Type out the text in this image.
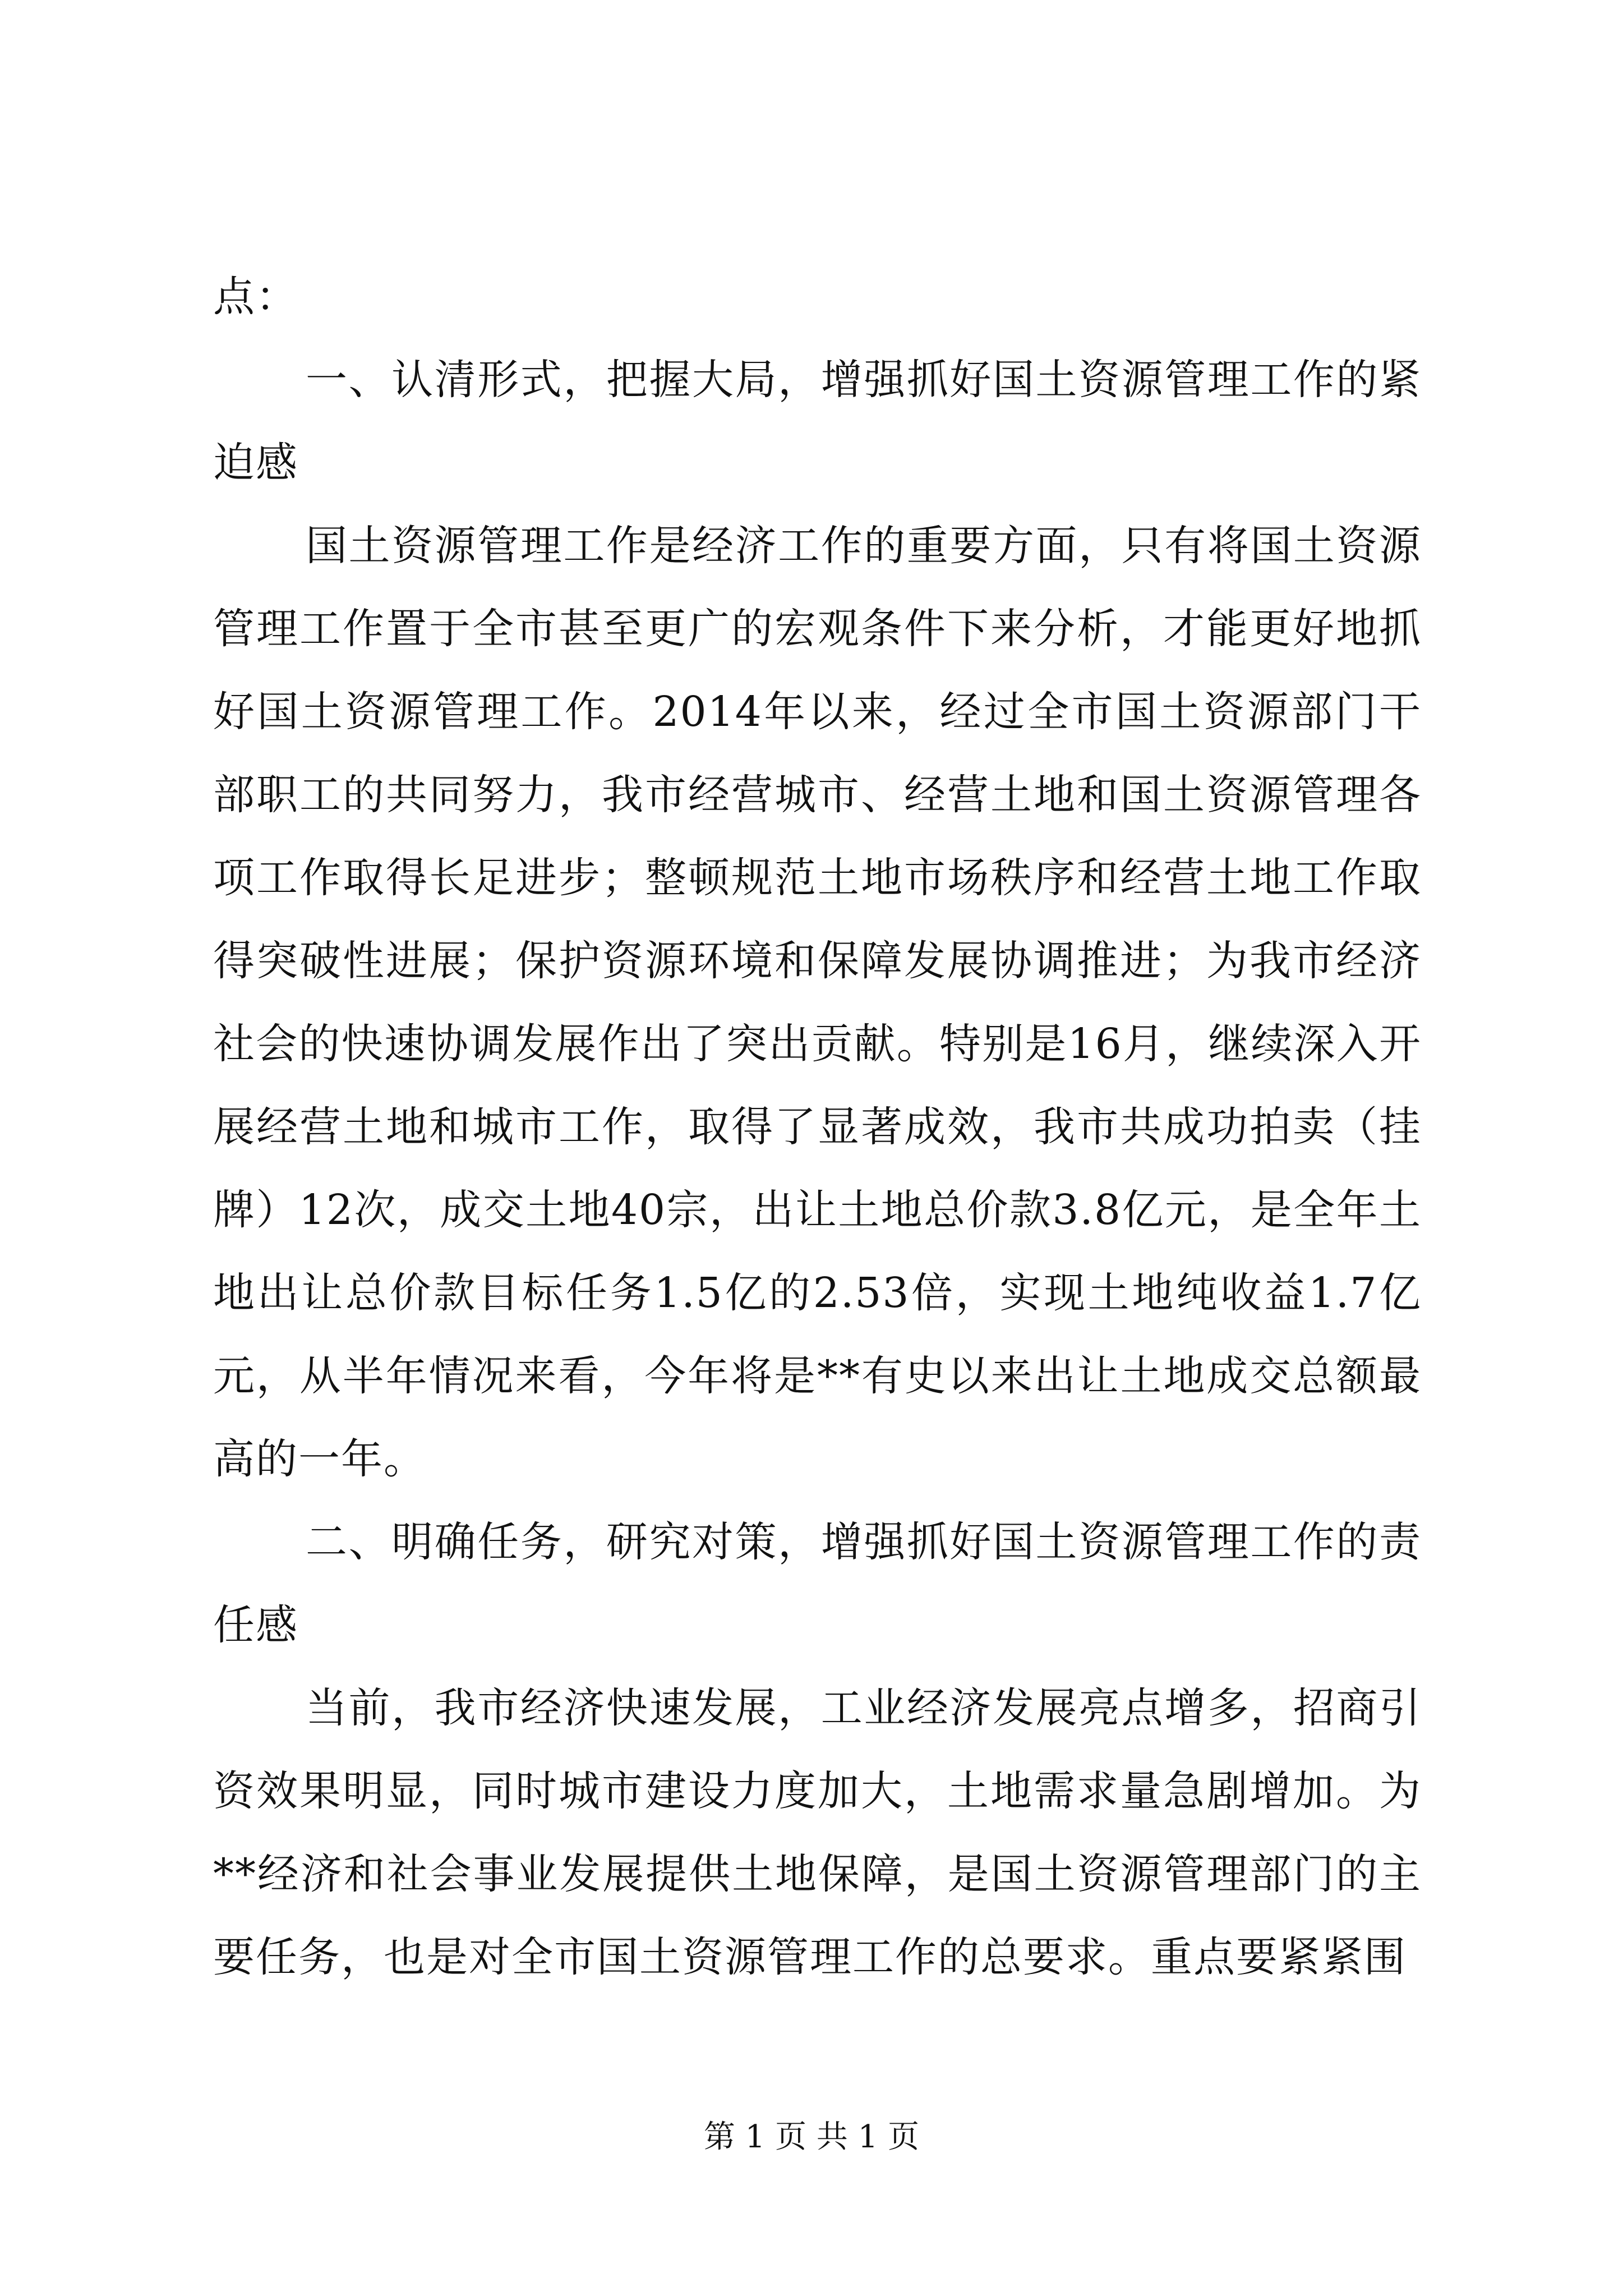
点：

一、认清形式，把握大局，增强抓好国土资源管理工作的紧迫感

国土资源管理工作是经济工作的重要方面，只有将国土资源管理工作置于全市甚至更广的宏观条件下来分析，才能更好地抓好国土资源管理工作。2014年以来，经过全市国土资源部门干部职工的共同努力，我市经营城市、经营土地和国土资源管理各项工作取得长足进步；整顿规范土地市场秩序和经营土地工作取得突破性进展；保护资源环境和保障发展协调推进；为我市经济社会的快速协调发展作出了突出贡献。特别是16月，继续深入开展经营土地和城市工作，取得了显著成效，我市共成功拍卖（挂牌）12次，成交土地40宗，出让土地总价款3.8亿元，是全年土地出让总价款目标任务1.5亿的2.53倍，实现土地纯收益1.7亿元，从半年情况来看，今年将是**有史以来出让土地成交总额最高的一年。

二、明确任务，研究对策，增强抓好国土资源管理工作的责任感

当前，我市经济快速发展，工业经济发展亮点增多，招商引资效果明显，同时城市建设力度加大，土地需求量急剧增加。为**经济和社会事业发展提供土地保障，是国土资源管理部门的主要任务，也是对全市国土资源管理工作的总要求。重点要紧紧围

第 1 页 共 1 页
